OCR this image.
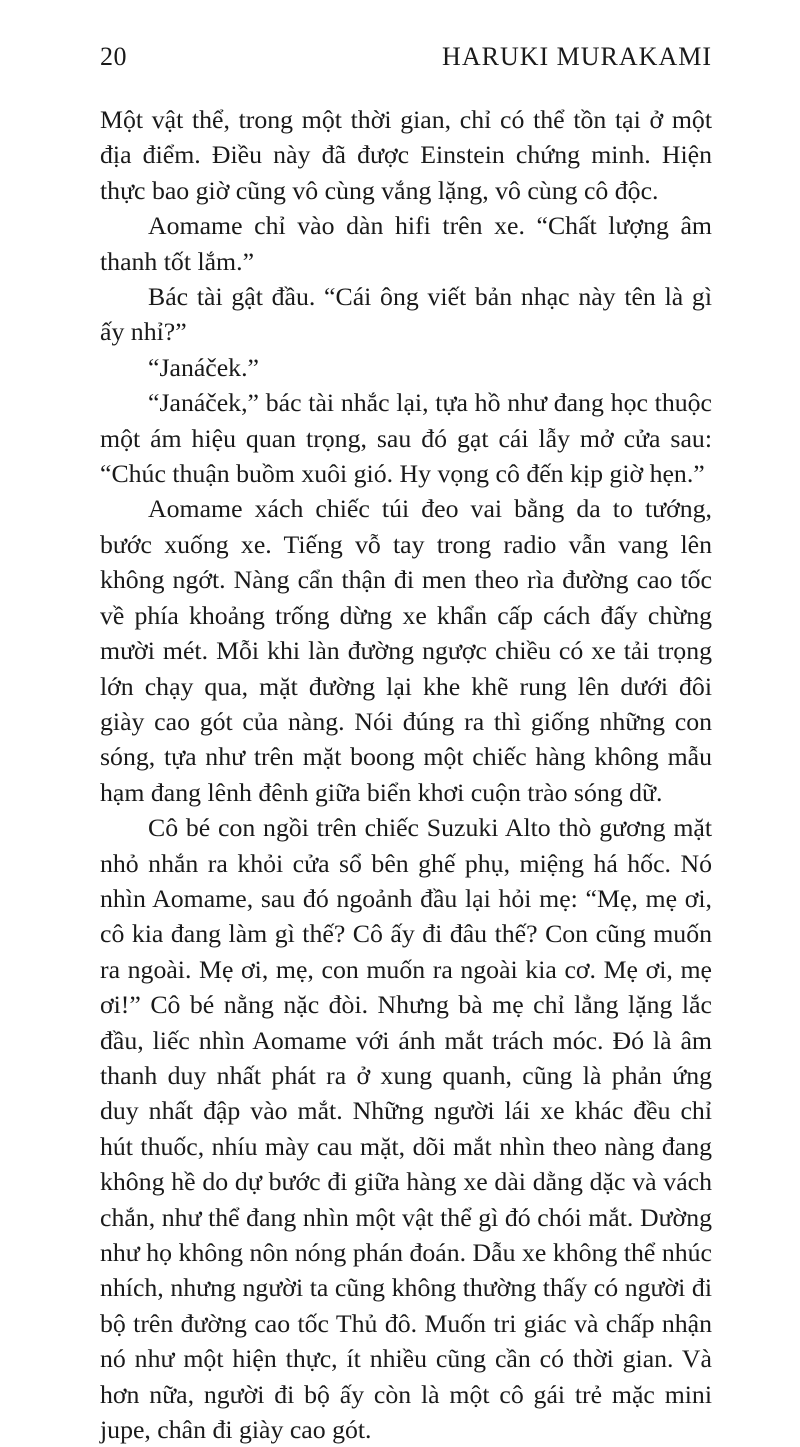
20	HARUKI MURAKAMI

Một vật thể, trong một thời gian, chỉ có thể tồn tại ở một địa điểm. Điều này đã được Einstein chứng minh. Hiện thực bao giờ cũng vô cùng vắng lặng, vô cùng cô độc.

Aomame chỉ vào dàn hifi trên xe. “Chất lượng âm thanh tốt lắm.”

Bác tài gật đầu. “Cái ông viết bản nhạc này tên là gì ấy nhỉ?”

“Janáček.”

“Janáček,” bác tài nhắc lại, tựa hồ như đang học thuộc một ám hiệu quan trọng, sau đó gạt cái lẫy mở cửa sau: “Chúc thuận buồm xuôi gió. Hy vọng cô đến kịp giờ hẹn.”

Aomame xách chiếc túi đeo vai bằng da to tướng, bước xuống xe. Tiếng vỗ tay trong radio vẫn vang lên không ngớt. Nàng cẩn thận đi men theo rìa đường cao tốc về phía khoảng trống dừng xe khẩn cấp cách đấy chừng mười mét. Mỗi khi làn đường ngược chiều có xe tải trọng lớn chạy qua, mặt đường lại khe khẽ rung lên dưới đôi giày cao gót của nàng. Nói đúng ra thì giống những con sóng, tựa như trên mặt boong một chiếc hàng không mẫu hạm đang lênh đênh giữa biển khơi cuộn trào sóng dữ.

Cô bé con ngồi trên chiếc Suzuki Alto thò gương mặt nhỏ nhắn ra khỏi cửa sổ bên ghế phụ, miệng há hốc. Nó nhìn Aomame, sau đó ngoảnh đầu lại hỏi mẹ: “Mẹ, mẹ ơi, cô kia đang làm gì thế? Cô ấy đi đâu thế? Con cũng muốn ra ngoài. Mẹ ơi, mẹ, con muốn ra ngoài kia cơ. Mẹ ơi, mẹ ơi!” Cô bé nằng nặc đòi. Nhưng bà mẹ chỉ lẳng lặng lắc đầu, liếc nhìn Aomame với ánh mắt trách móc. Đó là âm thanh duy nhất phát ra ở xung quanh, cũng là phản ứng duy nhất đập vào mắt. Những người lái xe khác đều chỉ hút thuốc, nhíu mày cau mặt, dõi mắt nhìn theo nàng đang không hề do dự bước đi giữa hàng xe dài dằng dặc và vách chắn, như thể đang nhìn một vật thể gì đó chói mắt. Dường như họ không nôn nóng phán đoán. Dẫu xe không thể nhúc nhích, nhưng người ta cũng không thường thấy có người đi bộ trên đường cao tốc Thủ đô. Muốn tri giác và chấp nhận nó như một hiện thực, ít nhiều cũng cần có thời gian. Và hơn nữa, người đi bộ ấy còn là một cô gái trẻ mặc mini jupe, chân đi giày cao gót.
